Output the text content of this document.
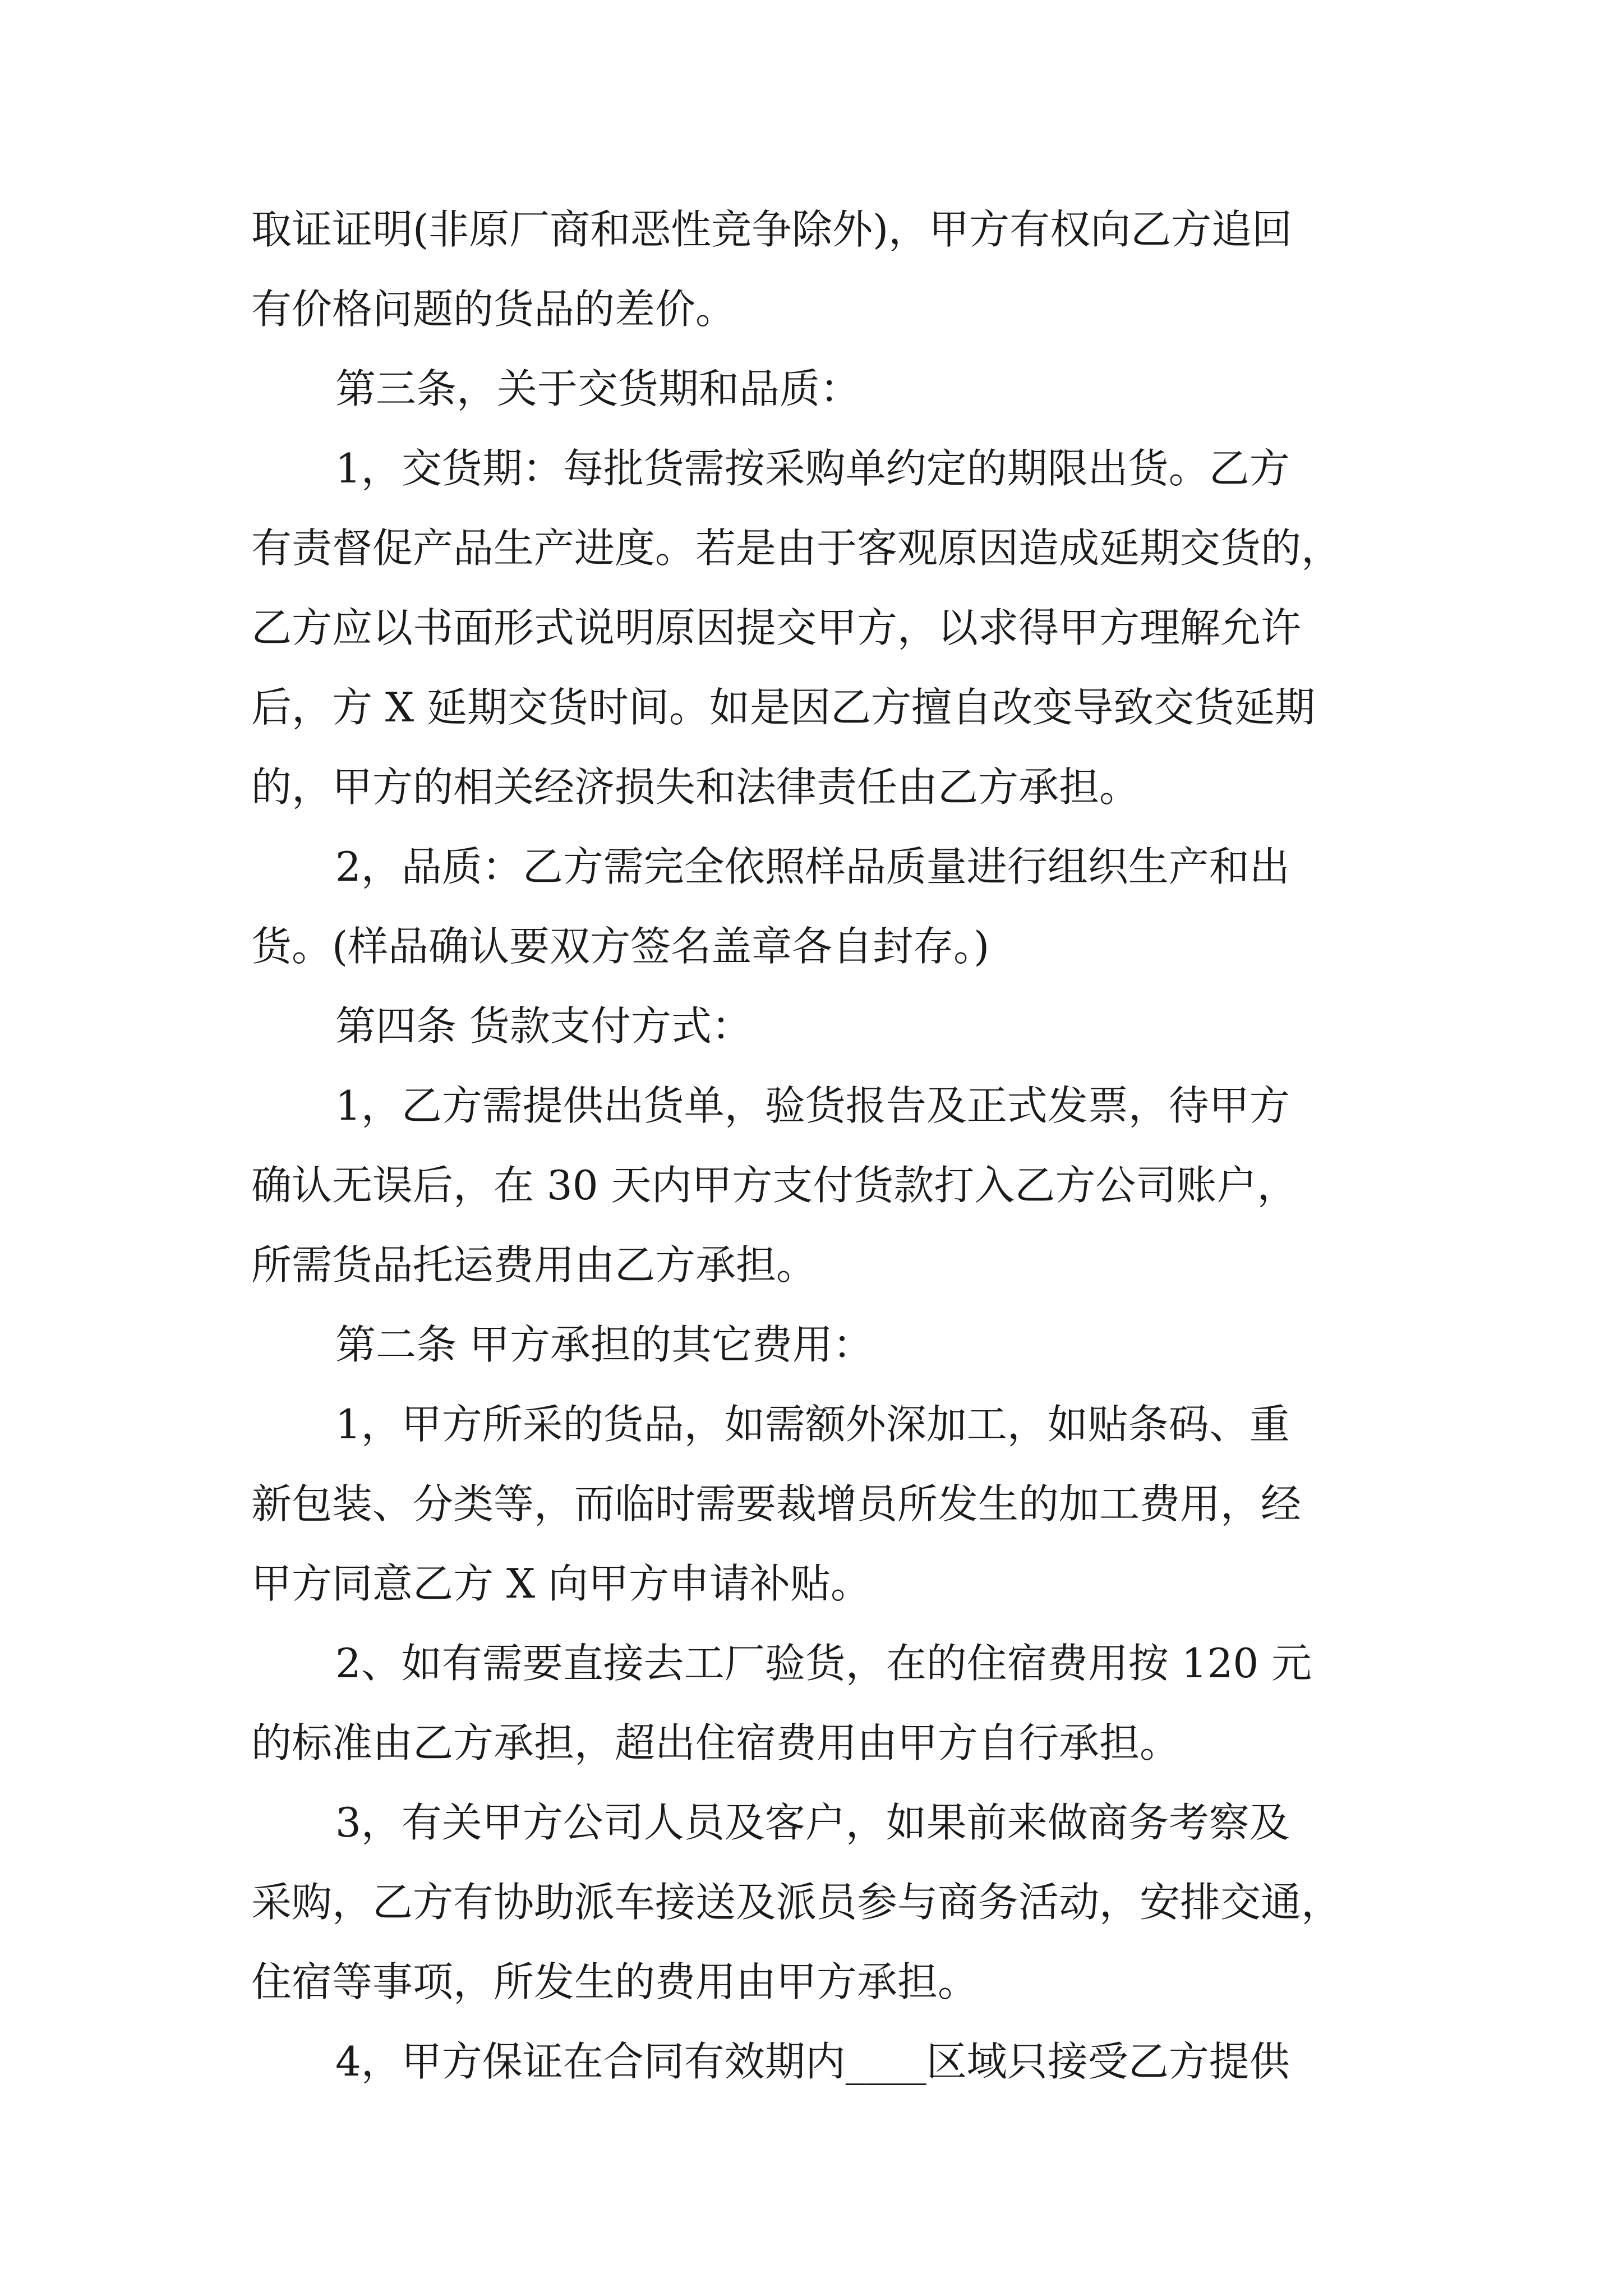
取证证明(非原厂商和恶性竞争除外)，甲方有权向乙方追回
有价格问题的货品的差价。
第三条，关于交货期和品质：
1，交货期：每批货需按采购单约定的期限出货。乙方
有责督促产品生产进度。若是由于客观原因造成延期交货的，
乙方应以书面形式说明原因提交甲方，以求得甲方理解允许
后，方 X 延期交货时间。如是因乙方擅自改变导致交货延期
的，甲方的相关经济损失和法律责任由乙方承担。
2，品质：乙方需完全依照样品质量进行组织生产和出
货。(样品确认要双方签名盖章各自封存。)
第四条 货款支付方式：
1，乙方需提供出货单，验货报告及正式发票，待甲方
确认无误后，在 30 天内甲方支付货款打入乙方公司账户，
所需货品托运费用由乙方承担。
第二条 甲方承担的其它费用：
1，甲方所采的货品，如需额外深加工，如贴条码、重
新包装、分类等，而临时需要裁增员所发生的加工费用，经
甲方同意乙方 X 向甲方申请补贴。
2、如有需要直接去工厂验货，在的住宿费用按 120 元
的标准由乙方承担，超出住宿费用由甲方自行承担。
3，有关甲方公司人员及客户，如果前来做商务考察及
采购，乙方有协助派车接送及派员参与商务活动，安排交通，
住宿等事项，所发生的费用由甲方承担。
4，甲方保证在合同有效期内____区域只接受乙方提供
